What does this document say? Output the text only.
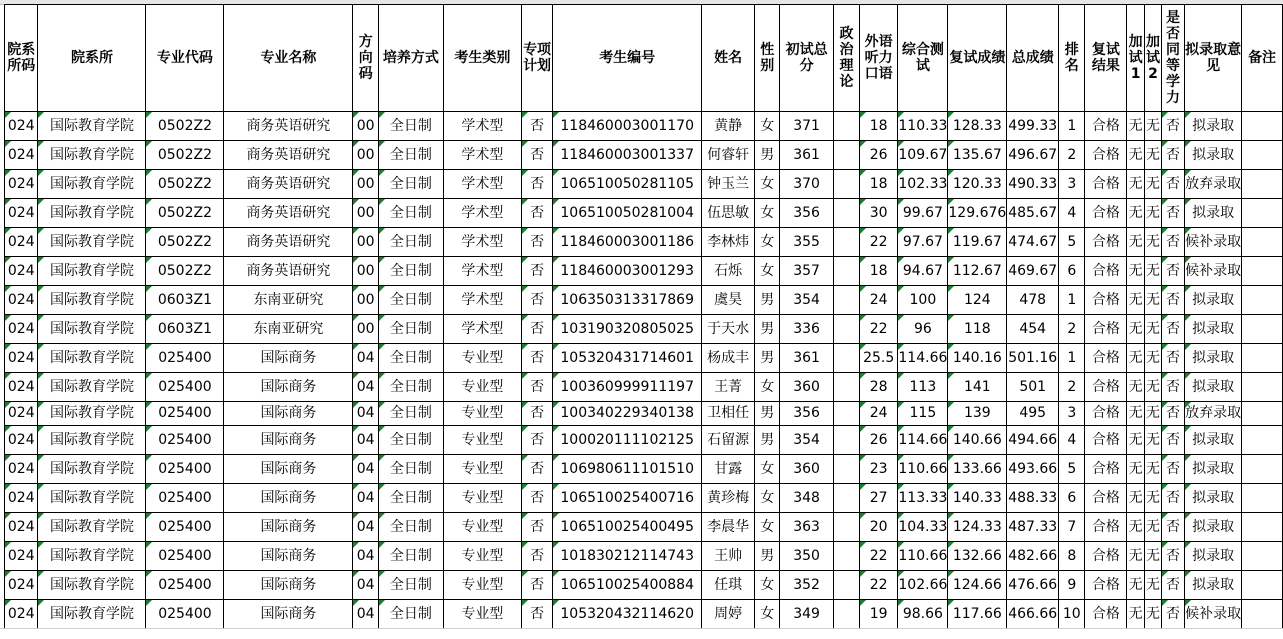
院系所码	院系所	专业代码	专业名称	方向码	培养方式	考生类别	专项计划	考生编号	姓名	性别	初试总分	政治理论	外语听力口语	综合测试	复试成绩	总成绩	排名	复试结果	加试1	加试2	是否同等学力	拟录取意见	备注
024	国际教育学院	0502Z2	商务英语研究	00	全日制	学术型	否	118460003001170	黄静	女	371		18	110.33	128.33	499.33	1	合格	无	无	否	拟录取	
024	国际教育学院	0502Z2	商务英语研究	00	全日制	学术型	否	118460003001337	何睿轩	男	361		26	109.67	135.67	496.67	2	合格	无	无	否	拟录取	
024	国际教育学院	0502Z2	商务英语研究	00	全日制	学术型	否	106510050281105	钟玉兰	女	370		18	102.33	120.33	490.33	3	合格	无	无	否	放弃录取	
024	国际教育学院	0502Z2	商务英语研究	00	全日制	学术型	否	106510050281004	伍思敏	女	356		30	99.67	129.676	485.67	4	合格	无	无	否	拟录取	
024	国际教育学院	0502Z2	商务英语研究	00	全日制	学术型	否	118460003001186	李林炜	女	355		22	97.67	119.67	474.67	5	合格	无	无	否	候补录取	
024	国际教育学院	0502Z2	商务英语研究	00	全日制	学术型	否	118460003001293	石烁	女	357		18	94.67	112.67	469.67	6	合格	无	无	否	候补录取	
024	国际教育学院	0603Z1	东南亚研究	00	全日制	学术型	否	106350313317869	虞昊	男	354		24	100	124	478	1	合格	无	无	否	拟录取	
024	国际教育学院	0603Z1	东南亚研究	00	全日制	学术型	否	103190320805025	于天水	男	336		22	96	118	454	2	合格	无	无	否	拟录取	
024	国际教育学院	025400	国际商务	04	全日制	专业型	否	105320431714601	杨成丰	男	361		25.5	114.66	140.16	501.16	1	合格	无	无	否	拟录取	
024	国际教育学院	025400	国际商务	04	全日制	专业型	否	100360999911197	王菁	女	360		28	113	141	501	2	合格	无	无	否	拟录取	
024	国际教育学院	025400	国际商务	04	全日制	专业型	否	100340229340138	卫相任	男	356		24	115	139	495	3	合格	无	无	否	放弃录取	
024	国际教育学院	025400	国际商务	04	全日制	专业型	否	100020111102125	石留源	男	354		26	114.66	140.66	494.66	4	合格	无	无	否	拟录取	
024	国际教育学院	025400	国际商务	04	全日制	专业型	否	106980611101510	甘露	女	360		23	110.66	133.66	493.66	5	合格	无	无	否	拟录取	
024	国际教育学院	025400	国际商务	04	全日制	专业型	否	106510025400716	黄珍梅	女	348		27	113.33	140.33	488.33	6	合格	无	无	否	拟录取	
024	国际教育学院	025400	国际商务	04	全日制	专业型	否	106510025400495	李晨华	女	363		20	104.33	124.33	487.33	7	合格	无	无	否	拟录取	
024	国际教育学院	025400	国际商务	04	全日制	专业型	否	101830212114743	王帅	男	350		22	110.66	132.66	482.66	8	合格	无	无	否	拟录取	
024	国际教育学院	025400	国际商务	04	全日制	专业型	否	106510025400884	任琪	女	352		22	102.66	124.66	476.66	9	合格	无	无	否	拟录取	
024	国际教育学院	025400	国际商务	04	全日制	专业型	否	105320432114620	周婷	女	349		19	98.66	117.66	466.66	10	合格	无	无	否	候补录取	
